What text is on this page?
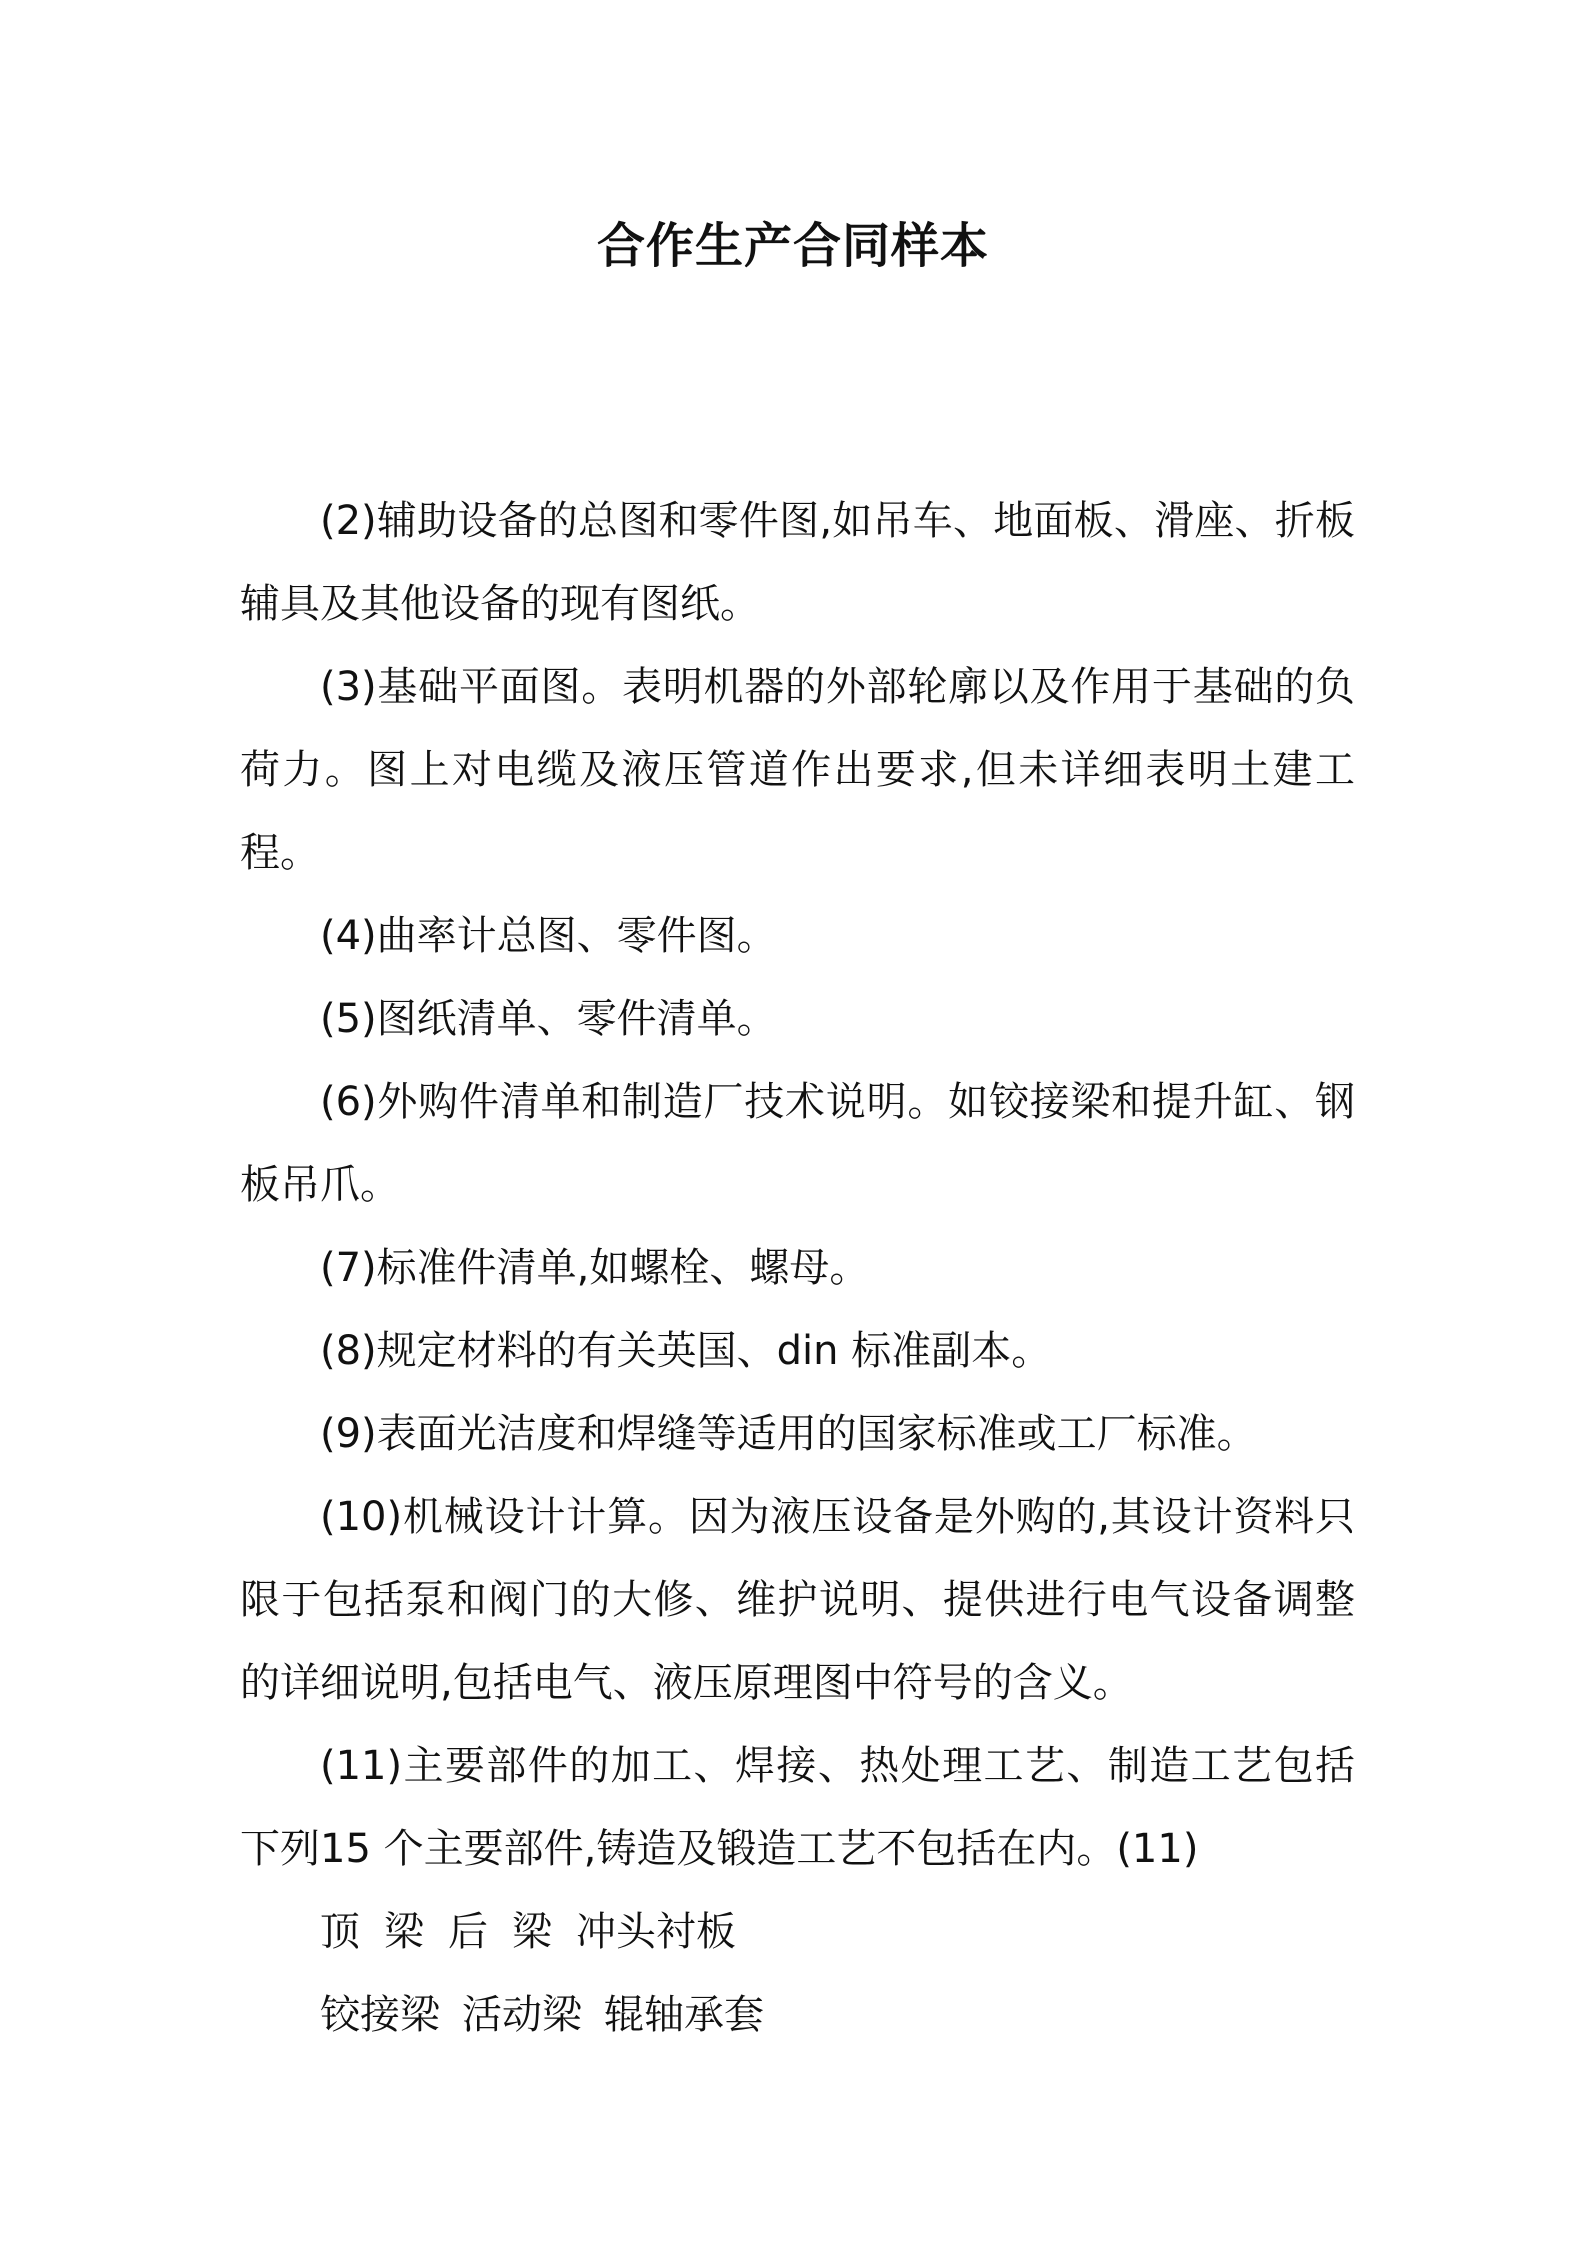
合作生产合同样本

(2)辅助设备的总图和零件图,如吊车、地面板、滑座、折板辅具及其他设备的现有图纸。

(3)基础平面图。表明机器的外部轮廓以及作用于基础的负荷力。图上对电缆及液压管道作出要求,但未详细表明土建工程。

(4)曲率计总图、零件图。

(5)图纸清单、零件清单。

(6)外购件清单和制造厂技术说明。如铰接梁和提升缸、钢板吊爪。

(7)标准件清单,如螺栓、螺母。

(8)规定材料的有关英国、din 标准副本。

(9)表面光洁度和焊缝等适用的国家标准或工厂标准。

(10)机械设计计算。因为液压设备是外购的,其设计资料只限于包括泵和阀门的大修、维护说明、提供进行电气设备调整的详细说明,包括电气、液压原理图中符号的含义。

(11)主要部件的加工、焊接、热处理工艺、制造工艺包括下列15 个主要部件,铸造及锻造工艺不包括在内。(11)

顶 梁 后 梁 冲头衬板
铰接梁 活动梁 辊轴承套
